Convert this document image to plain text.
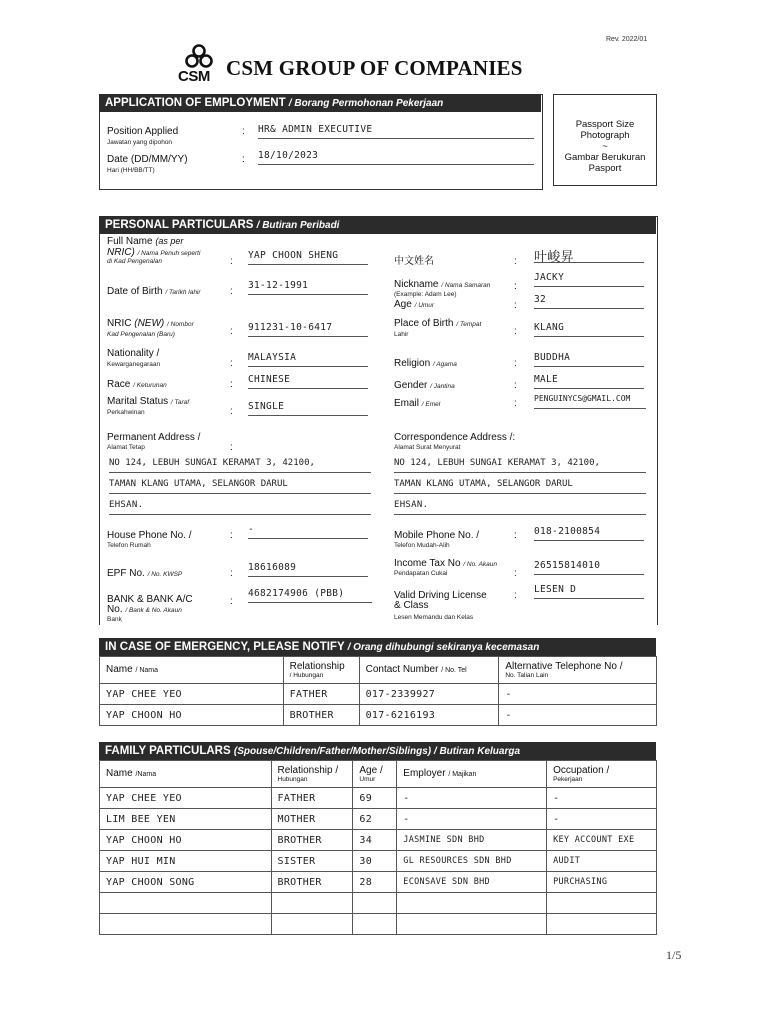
Rev. 2022/01
CSM CSM GROUP OF COMPANIES
APPLICATION OF EMPLOYMENT / Borang Permohonan Pekerjaan
Position Applied
Jawatan yang dipohon
: HR& ADMIN EXECUTIVE
Date (DD/MM/YY)
Hari (HH/BB/TT)
: 18/10/2023
Passport Size
Photograph
~
Gambar Berukuran
Pasport
PERSONAL PARTICULARS / Butiran Peribadi
Full Name (as per
NRIC) / Nama Penuh seperti
di Kad Pengenalan	:
YAP CHOON SHENG
Date of Birth / Tarikh lahir	:
31-12-1991
NRIC (NEW) / Nombor
Kad Pengenalan (Baru)	: 911231-10-6417
Nationality /
Kewarganegaraan	:
MALAYSIA
Race / Keturunan	: CHINESE
Marital Status / Taraf
Perkahwinan	: SINGLE
Permanent Address /
Alamat Tetap	:
NO 124, LEBUH SUNGAI KERAMAT 3, 42100,
TAMAN KLANG UTAMA, SELANGOR DARUL
EHSAN.
House Phone No. /
Telefon Rumah
:
-
EPF No. / No. KWSP	:
18616089
BANK & BANK A/C
No. / Bank & No. Akaun
Bank
:
4682174906 (PBB)
中文姓名	: 叶峻昇
Nickname / Nama Samaran
(Example: Adam Lee)
:
JACKY
Age / Umur	:
32
Place of Birth / Tempat
Lahir	: KLANG
Religion / Agama	:
BUDDHA
Gender / Jantina	:
MALE
Email / Emel	: PENGUINYCS@GMAIL.COM
Correspondence Address /:
Alamat Surat Menyurat
NO 124, LEBUH SUNGAI KERAMAT 3, 42100,
TAMAN KLANG UTAMA, SELANGOR DARUL
EHSAN.
Mobile Phone No. /
Telefon Mudah-Alih
: 018-2100854
Income Tax No / No. Akaun
Pendapatan Cukai	:
26515814010
Valid Driving License
& Class
Lesen Memandu dan Kelas
:
LESEN D
IN CASE OF EMERGENCY, PLEASE NOTIFY / Orang dihubungi sekiranya kecemasan
Name / Nama	Relationship
/ Hubungan	Contact Number / No. Tel	Alternative Telephone No /
No. Talian Lain

YAP CHEE YEO	FATHER	017-2339927	-
YAP CHOON HO	BROTHER	017-6216193	-
FAMILY PARTICULARS (Spouse/Children/Father/Mother/Siblings) / Butiran Keluarga
Name /Nama	Relationship /
Hubungan	Age /
Umur	Employer / Majikan	Occupation /
Pekerjaan

YAP CHEE YEO	FATHER	69	-	-
LIM BEE YEN	MOTHER	62	-	-
YAP CHOON HO	BROTHER	34	JASMINE SDN BHD	KEY ACCOUNT EXE
YAP HUI MIN	SISTER	30	GL RESOURCES SDN BHD	AUDIT
YAP CHOON SONG	BROTHER	28	ECONSAVE SDN BHD	PURCHASING

1/5
